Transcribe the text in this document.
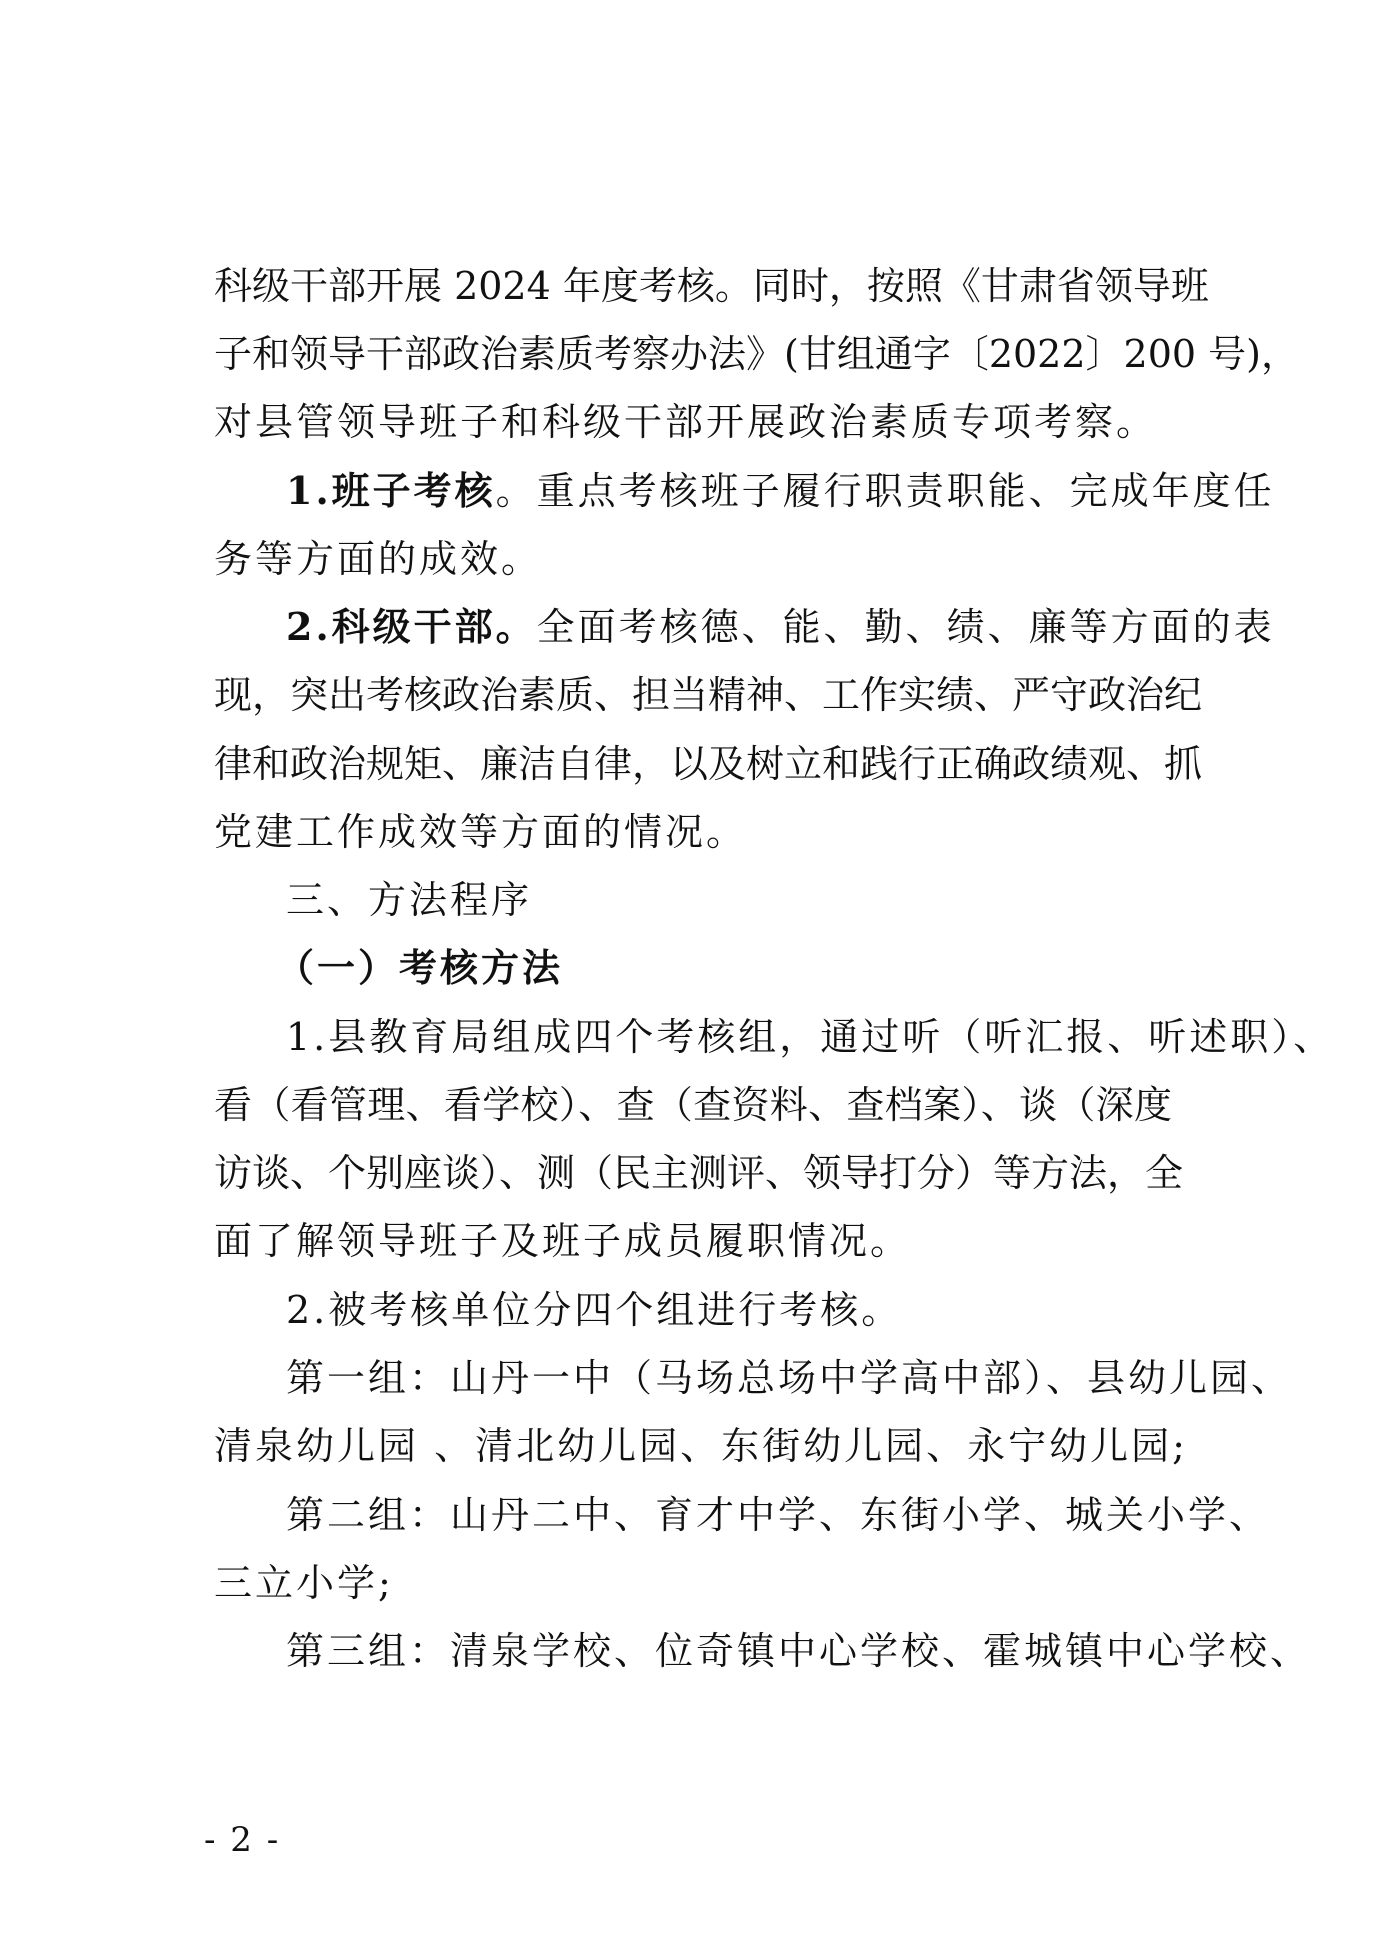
科级干部开展 2024 年度考核。同时，按照《甘肃省领导班
子和领导干部政治素质考察办法》(甘组通字〔2022〕200 号)，
对县管领导班子和科级干部开展政治素质专项考察。
1.班子考核。重点考核班子履行职责职能、完成年度任
务等方面的成效。
2.科级干部。全面考核德、能、勤、绩、廉等方面的表
现，突出考核政治素质、担当精神、工作实绩、严守政治纪
律和政治规矩、廉洁自律，以及树立和践行正确政绩观、抓
党建工作成效等方面的情况。
三、方法程序
（一）考核方法
1.县教育局组成四个考核组，通过听（听汇报、听述职）、
看（看管理、看学校）、查（查资料、查档案）、谈（深度
访谈、个别座谈）、测（民主测评、领导打分）等方法，全
面了解领导班子及班子成员履职情况。
2.被考核单位分四个组进行考核。
第一组：山丹一中（马场总场中学高中部）、县幼儿园、
清泉幼儿园 、清北幼儿园、东街幼儿园、永宁幼儿园;
第二组：山丹二中、育才中学、东街小学、城关小学、
三立小学;
第三组：清泉学校、位奇镇中心学校、霍城镇中心学校、
- 2 -
